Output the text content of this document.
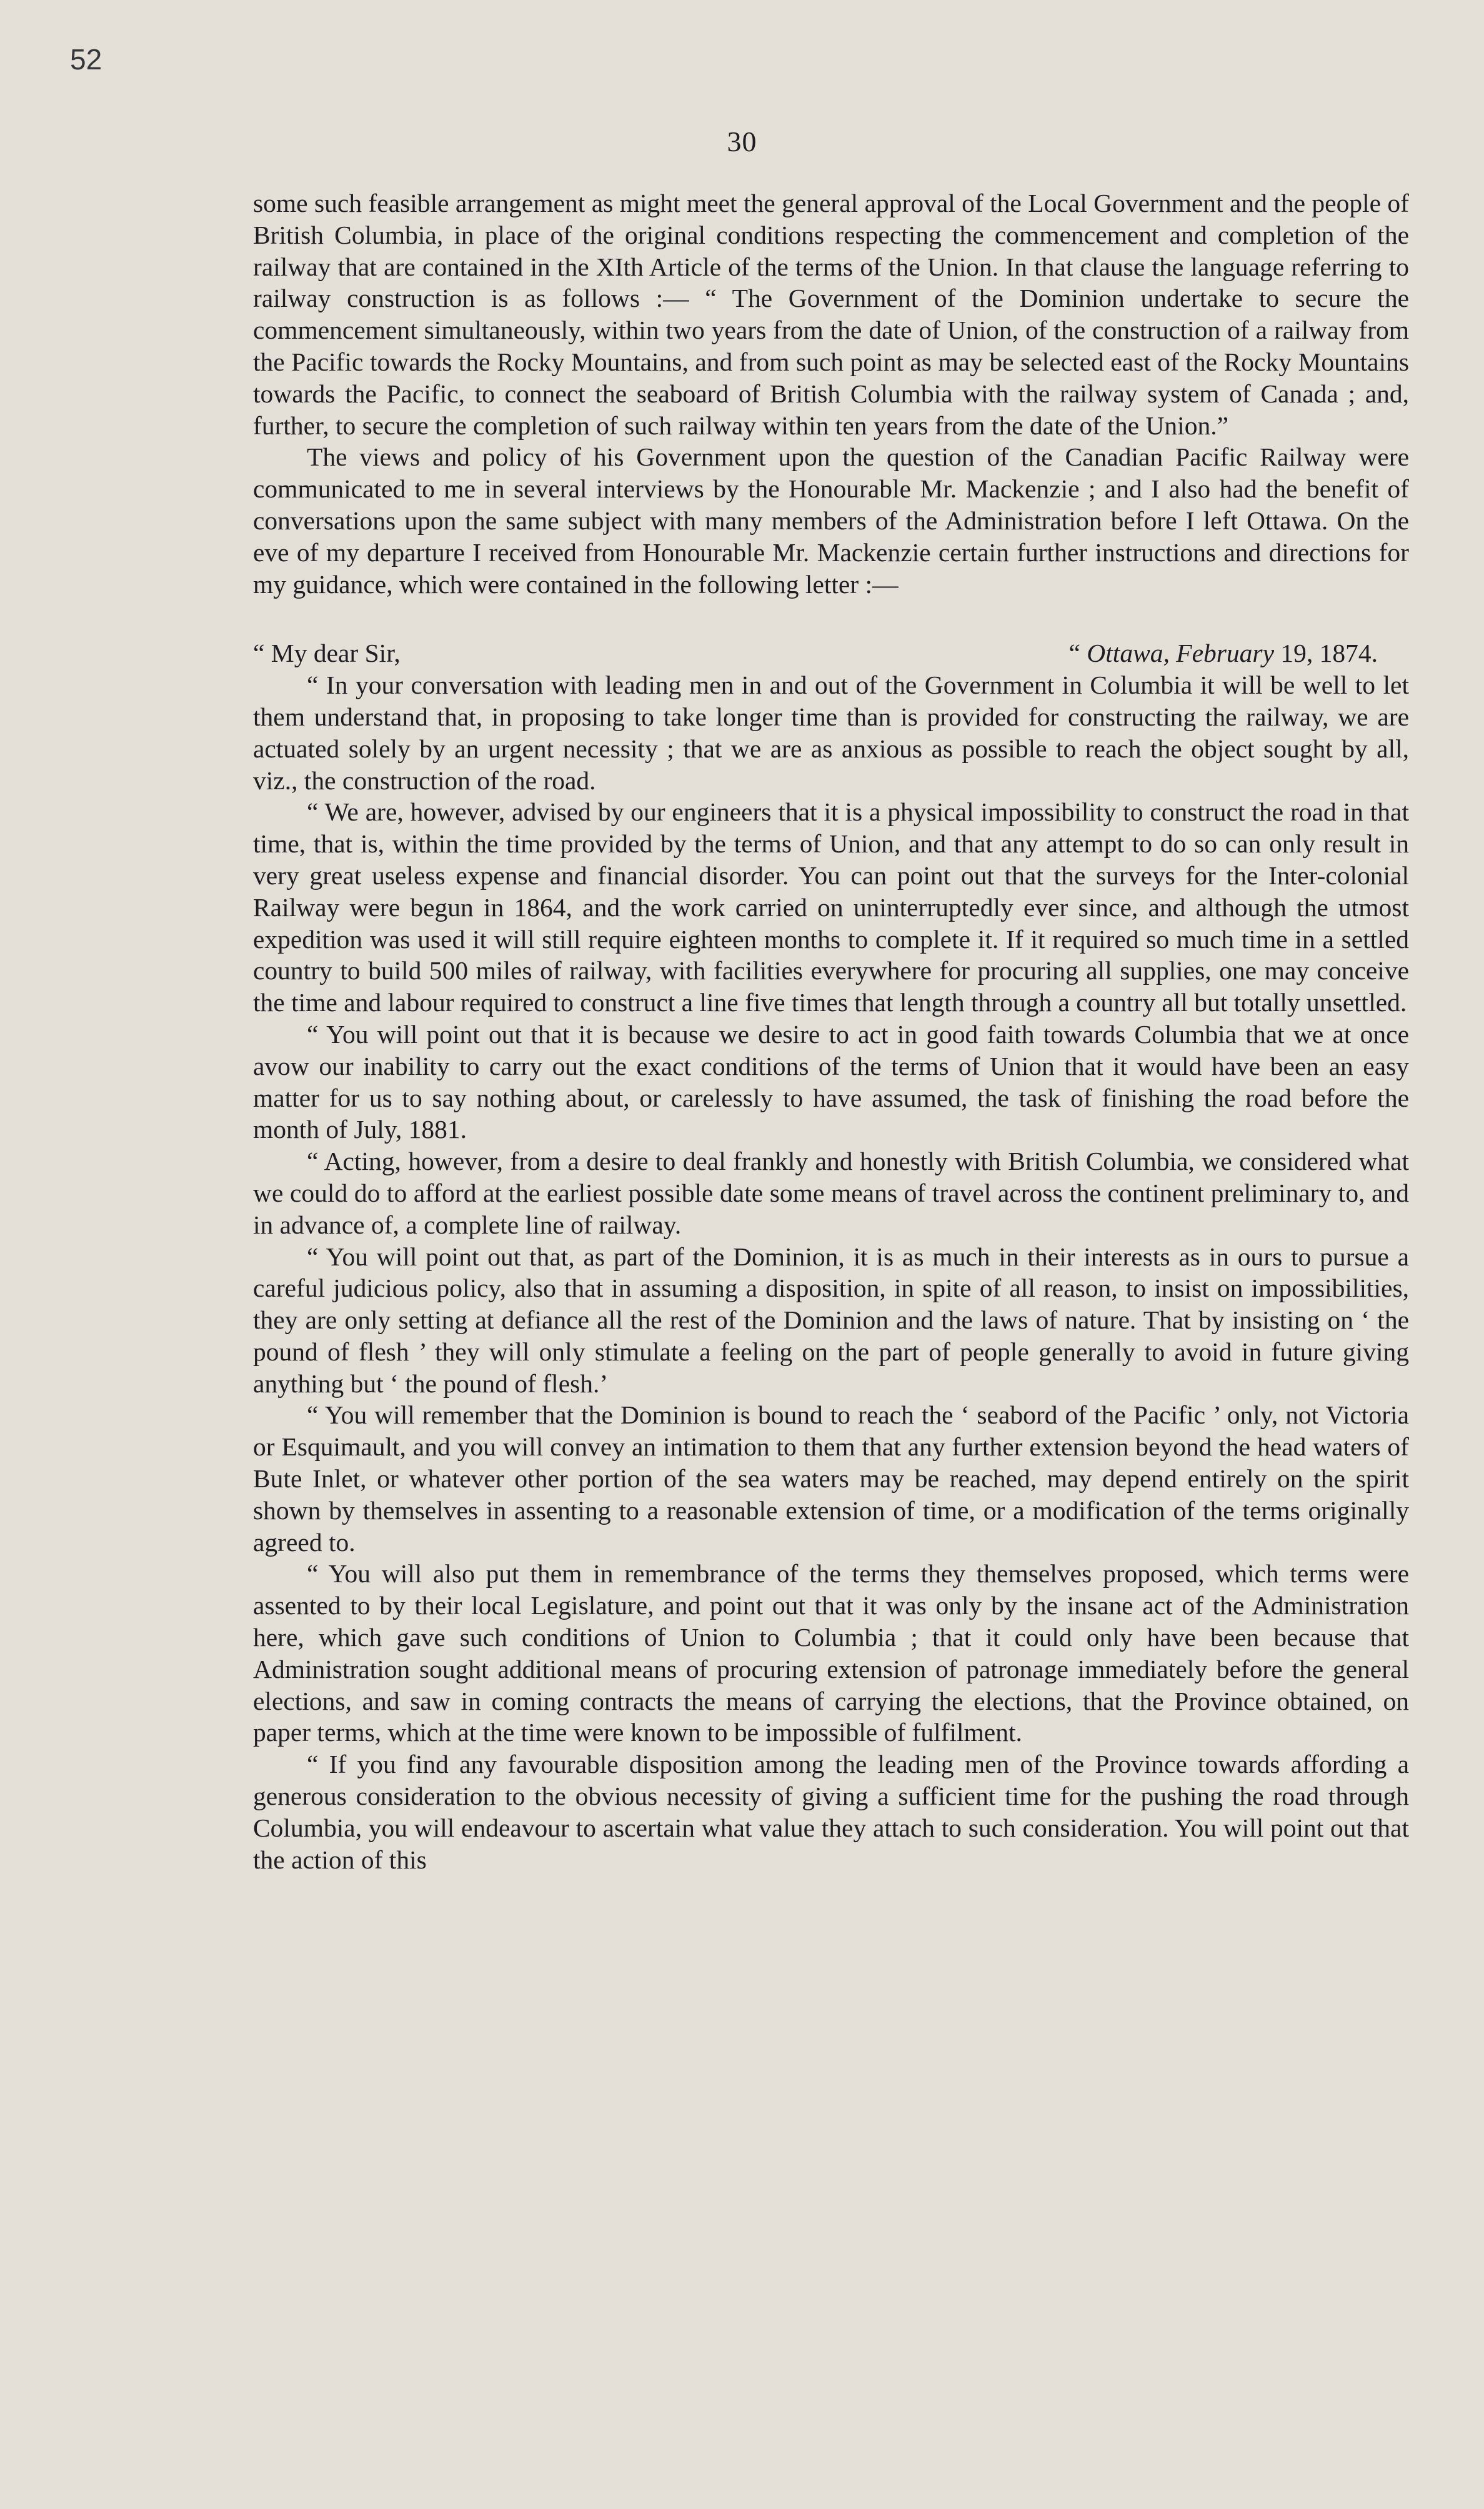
52
30

some such feasible arrangement as might meet the general approval of the Local Government and the people of British Columbia, in place of the original conditions respecting the commencement and completion of the railway that are contained in the XIth Article of the terms of the Union. In that clause the language referring to railway construction is as follows :— “ The Government of the Dominion undertake to secure the commencement simultaneously, within two years from the date of Union, of the construction of a railway from the Pacific towards the Rocky Mountains, and from such point as may be selected east of the Rocky Mountains towards the Pacific, to connect the seaboard of British Columbia with the railway system of Canada ; and, further, to secure the completion of such railway within ten years from the date of the Union.”

The views and policy of his Government upon the question of the Canadian Pacific Railway were communicated to me in several interviews by the Honourable Mr. Mackenzie ; and I also had the benefit of conversations upon the same subject with many members of the Administration before I left Ottawa. On the eve of my departure I received from Honourable Mr. Mackenzie certain further instructions and directions for my guidance, which were contained in the following letter :—

“ My dear Sir,	“ Ottawa, February 19, 1874.

“ In your conversation with leading men in and out of the Government in Columbia it will be well to let them understand that, in proposing to take longer time than is provided for constructing the railway, we are actuated solely by an urgent necessity ; that we are as anxious as possible to reach the object sought by all, viz., the construction of the road.

“ We are, however, advised by our engineers that it is a physical impossibility to construct the road in that time, that is, within the time provided by the terms of Union, and that any attempt to do so can only result in very great useless expense and financial disorder. You can point out that the surveys for the Inter-colonial Railway were begun in 1864, and the work carried on uninterruptedly ever since, and although the utmost expedition was used it will still require eighteen months to complete it. If it required so much time in a settled country to build 500 miles of railway, with facilities everywhere for procuring all supplies, one may conceive the time and labour required to construct a line five times that length through a country all but totally unsettled.

“ You will point out that it is because we desire to act in good faith towards Columbia that we at once avow our inability to carry out the exact conditions of the terms of Union that it would have been an easy matter for us to say nothing about, or carelessly to have assumed, the task of finishing the road before the month of July, 1881.

“ Acting, however, from a desire to deal frankly and honestly with British Columbia, we considered what we could do to afford at the earliest possible date some means of travel across the continent preliminary to, and in advance of, a complete line of railway.

“ You will point out that, as part of the Dominion, it is as much in their interests as in ours to pursue a careful judicious policy, also that in assuming a disposition, in spite of all reason, to insist on impossibilities, they are only setting at defiance all the rest of the Dominion and the laws of nature. That by insisting on ‘ the pound of flesh ’ they will only stimulate a feeling on the part of people generally to avoid in future giving anything but ‘ the pound of flesh.’

“ You will remember that the Dominion is bound to reach the ‘ seabord of the Pacific ’ only, not Victoria or Esquimault, and you will convey an intimation to them that any further extension beyond the head waters of Bute Inlet, or whatever other portion of the sea waters may be reached, may depend entirely on the spirit shown by themselves in assenting to a reasonable extension of time, or a modification of the terms originally agreed to.

“ You will also put them in remembrance of the terms they themselves proposed, which terms were assented to by their local Legislature, and point out that it was only by the insane act of the Administration here, which gave such conditions of Union to Columbia ; that it could only have been because that Administration sought additional means of procuring extension of patronage immediately before the general elections, and saw in coming contracts the means of carrying the elections, that the Province obtained, on paper terms, which at the time were known to be impossible of fulfilment.

“ If you find any favourable disposition among the leading men of the Province towards affording a generous consideration to the obvious necessity of giving a sufficient time for the pushing the road through Columbia, you will endeavour to ascertain what value they attach to such consideration. You will point out that the action of this
